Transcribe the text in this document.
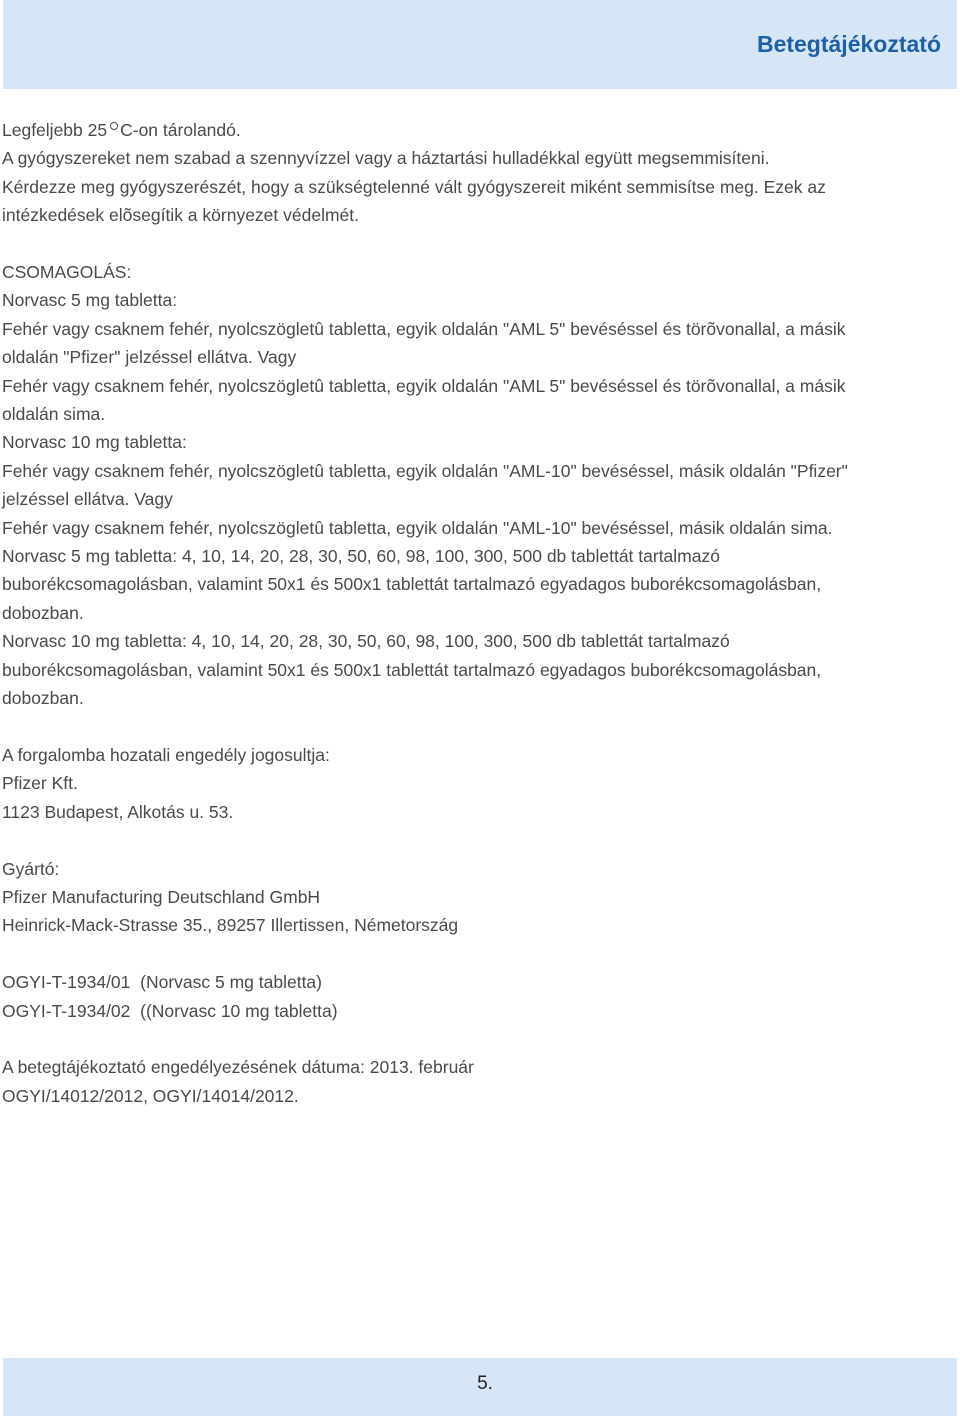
Betegtájékoztató
Legfeljebb 25 C-on tárolandó.
A gyógyszereket nem szabad a szennyvízzel vagy a háztartási hulladékkal együtt megsemmisíteni.
Kérdezze meg gyógyszerészét, hogy a szükségtelenné vált gyógyszereit miként semmisítse meg. Ezek az
intézkedések elõsegítik a környezet védelmét.
CSOMAGOLÁS:
Norvasc 5 mg tabletta:
Fehér vagy csaknem fehér, nyolcszögletû tabletta, egyik oldalán "AML 5" bevéséssel és törõvonallal, a másik
oldalán "Pfizer" jelzéssel ellátva. Vagy
Fehér vagy csaknem fehér, nyolcszögletû tabletta, egyik oldalán "AML 5" bevéséssel és törõvonallal, a másik
oldalán sima.
Norvasc 10 mg tabletta:
Fehér vagy csaknem fehér, nyolcszögletû tabletta, egyik oldalán "AML-10" bevéséssel, másik oldalán "Pfizer"
jelzéssel ellátva. Vagy
Fehér vagy csaknem fehér, nyolcszögletû tabletta, egyik oldalán "AML-10" bevéséssel, másik oldalán sima.
Norvasc 5 mg tabletta: 4, 10, 14, 20, 28, 30, 50, 60, 98, 100, 300, 500 db tablettát tartalmazó
buborékcsomagolásban, valamint 50x1 és 500x1 tablettát tartalmazó egyadagos buborékcsomagolásban,
dobozban.
Norvasc 10 mg tabletta: 4, 10, 14, 20, 28, 30, 50, 60, 98, 100, 300, 500 db tablettát tartalmazó
buborékcsomagolásban, valamint 50x1 és 500x1 tablettát tartalmazó egyadagos buborékcsomagolásban,
dobozban.
A forgalomba hozatali engedély jogosultja:
Pfizer Kft.
1123 Budapest, Alkotás u. 53.
Gyártó:
Pfizer Manufacturing Deutschland GmbH
Heinrick-Mack-Strasse 35., 89257 Illertissen, Németország
OGYI-T-1934/01  (Norvasc 5 mg tabletta)
OGYI-T-1934/02  ((Norvasc 10 mg tabletta)
A betegtájékoztató engedélyezésének dátuma: 2013. február
OGYI/14012/2012, OGYI/14014/2012.
5.
